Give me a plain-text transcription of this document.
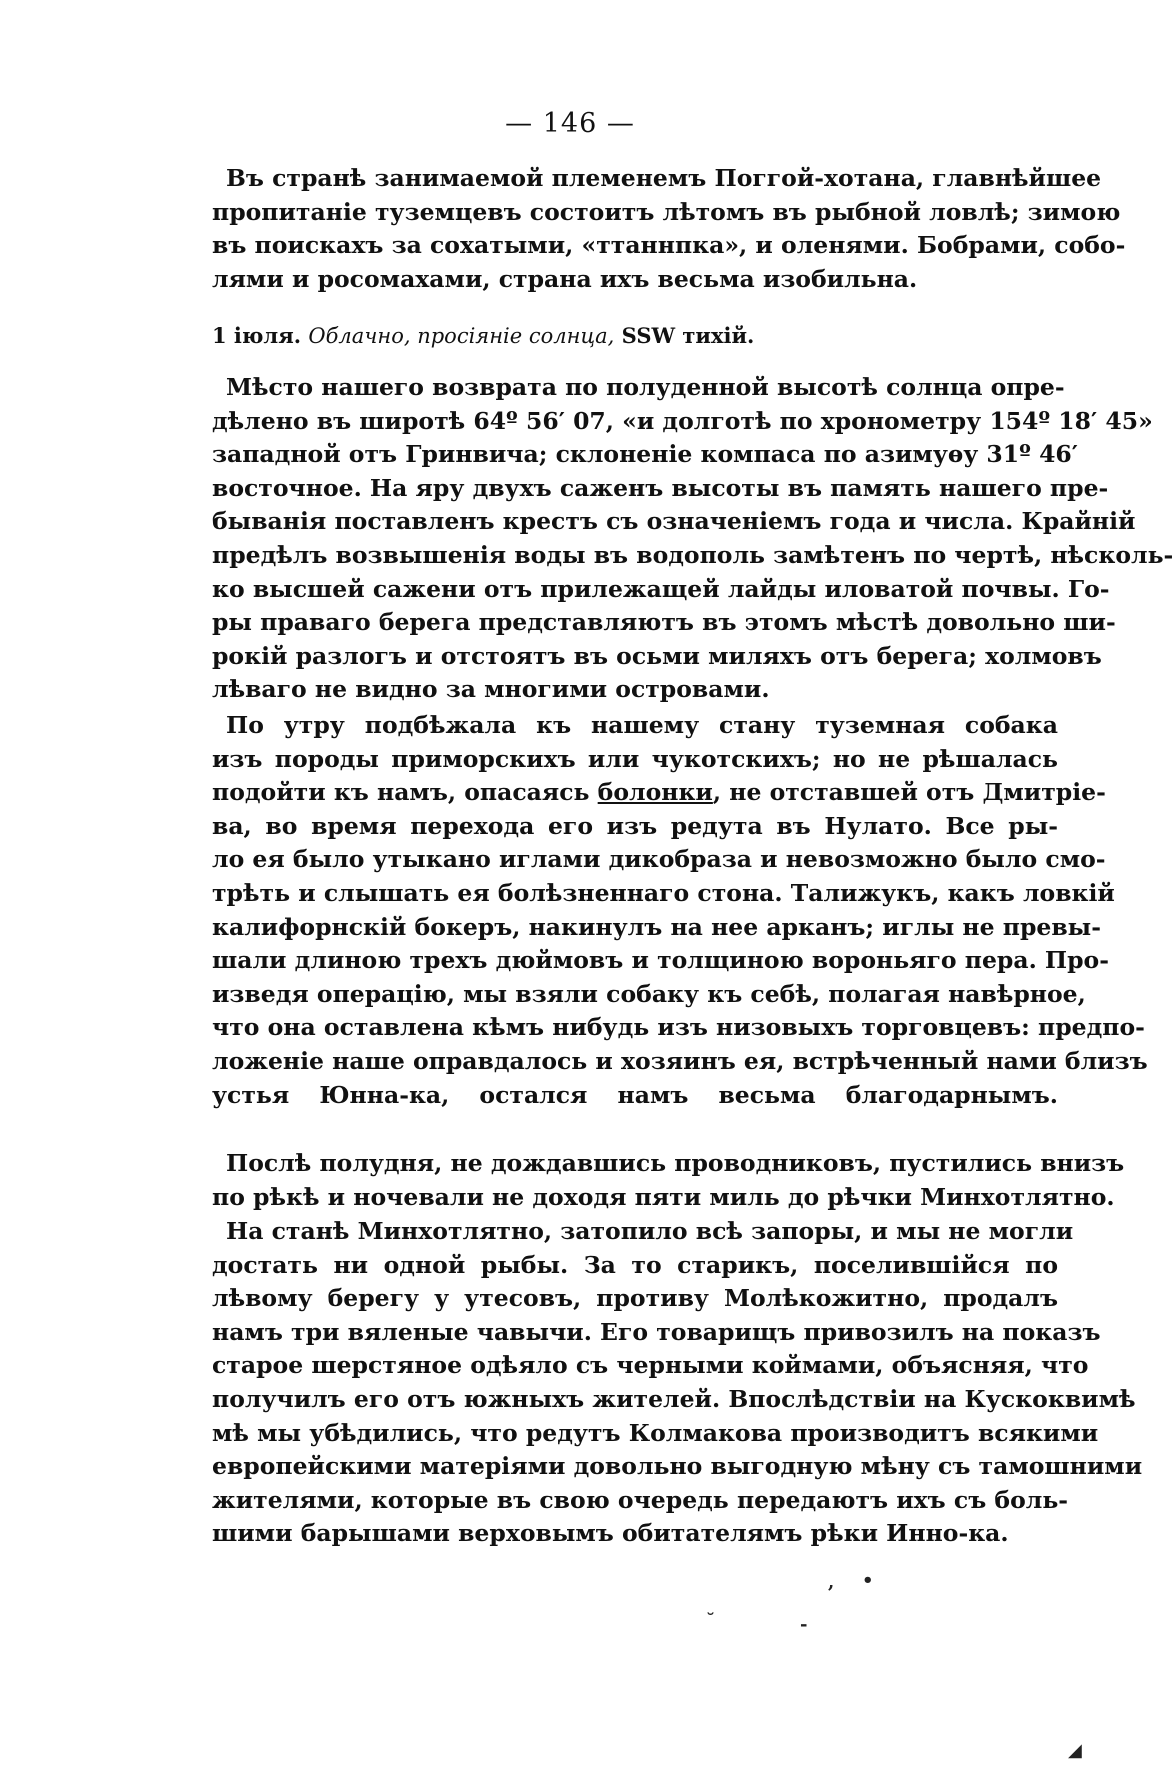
— 146 —
Въ странѣ занимаемой племенемъ Поггой-хотана, главнѣйшее
пропитаніе туземцевъ состоитъ лѣтомъ въ рыбной ловлѣ; зимою
въ поискахъ за сохатыми, «ттаннпка», и оленями. Бобрами, собо-
лями и росомахами, страна ихъ весьма изобильна.
1 іюля. Облачно, просіяніе солнца, SSW тихій.
Мѣсто нашего возврата по полуденной высотѣ солнца опре-
дѣлено въ широтѣ 64º 56′ 07, «и долготѣ по хронометру 154º 18′ 45»
западной отъ Гринвича; склоненіе компаса по азимуѳу 31º 46′
восточное. На яру двухъ саженъ высоты въ память нашего пре-
быванія поставленъ крестъ съ означеніемъ года и числа. Крайній
предѣлъ возвышенія воды въ водополь замѣтенъ по чертѣ, нѣсколь-
ко высшей сажени отъ прилежащей лайды иловатой почвы. Го-
ры праваго берега представляютъ въ этомъ мѣстѣ довольно ши-
рокій разлогъ и отстоятъ въ осьми миляхъ отъ берега; холмовъ
лѣваго не видно за многими островами.
По утру подбѣжала къ нашему стану туземная собака
изъ породы приморскихъ или чукотскихъ; но не рѣшалась
подойти къ намъ, опасаясь болонки, не отставшей отъ Дмитріе-
ва, во время перехода его изъ редута въ Нулато. Все ры-
ло ея было утыкано иглами дикобраза и невозможно было смо-
трѣть и слышать ея болѣзненнаго стона. Талижукъ, какъ ловкій
калифорнскій бокеръ, накинулъ на нее арканъ; иглы не превы-
шали длиною трехъ дюймовъ и толщиною вороньяго пера. Про-
изведя операцію, мы взяли собаку къ себѣ, полагая навѣрное,
что она оставлена кѣмъ нибудь изъ низовыхъ торговцевъ: предпо-
ложеніе наше оправдалось и хозяинъ ея, встрѣченный нами близъ
устья Юнна-ка, остался намъ весьма благодарнымъ.
Послѣ полудня, не дождавшись проводниковъ, пустились внизъ
по рѣкѣ и ночевали не доходя пяти миль до рѣчки Минхотлятно.
На станѣ Минхотлятно, затопило всѣ запоры, и мы не могли
достать ни одной рыбы. За то старикъ, поселившійся по
лѣвому берегу у утесовъ, противу Молѣкожитно, продалъ
намъ три вяленые чавычи. Его товарищъ привозилъ на показъ
старое шерстяное одѣяло съ черными коймами, объясняя, что
получилъ его отъ южныхъ жителей. Впослѣдствіи на Кускоквимѣ
мѣ мы убѣдились, что редутъ Колмакова производитъ всякими
европейскими матеріями довольно выгодную мѣну съ тамошними
жителями, которые въ свою очередь передаютъ ихъ съ боль-
шими барышами верховымъ обитателямъ рѣки Инно-ка.
, •
˘	-
◢
